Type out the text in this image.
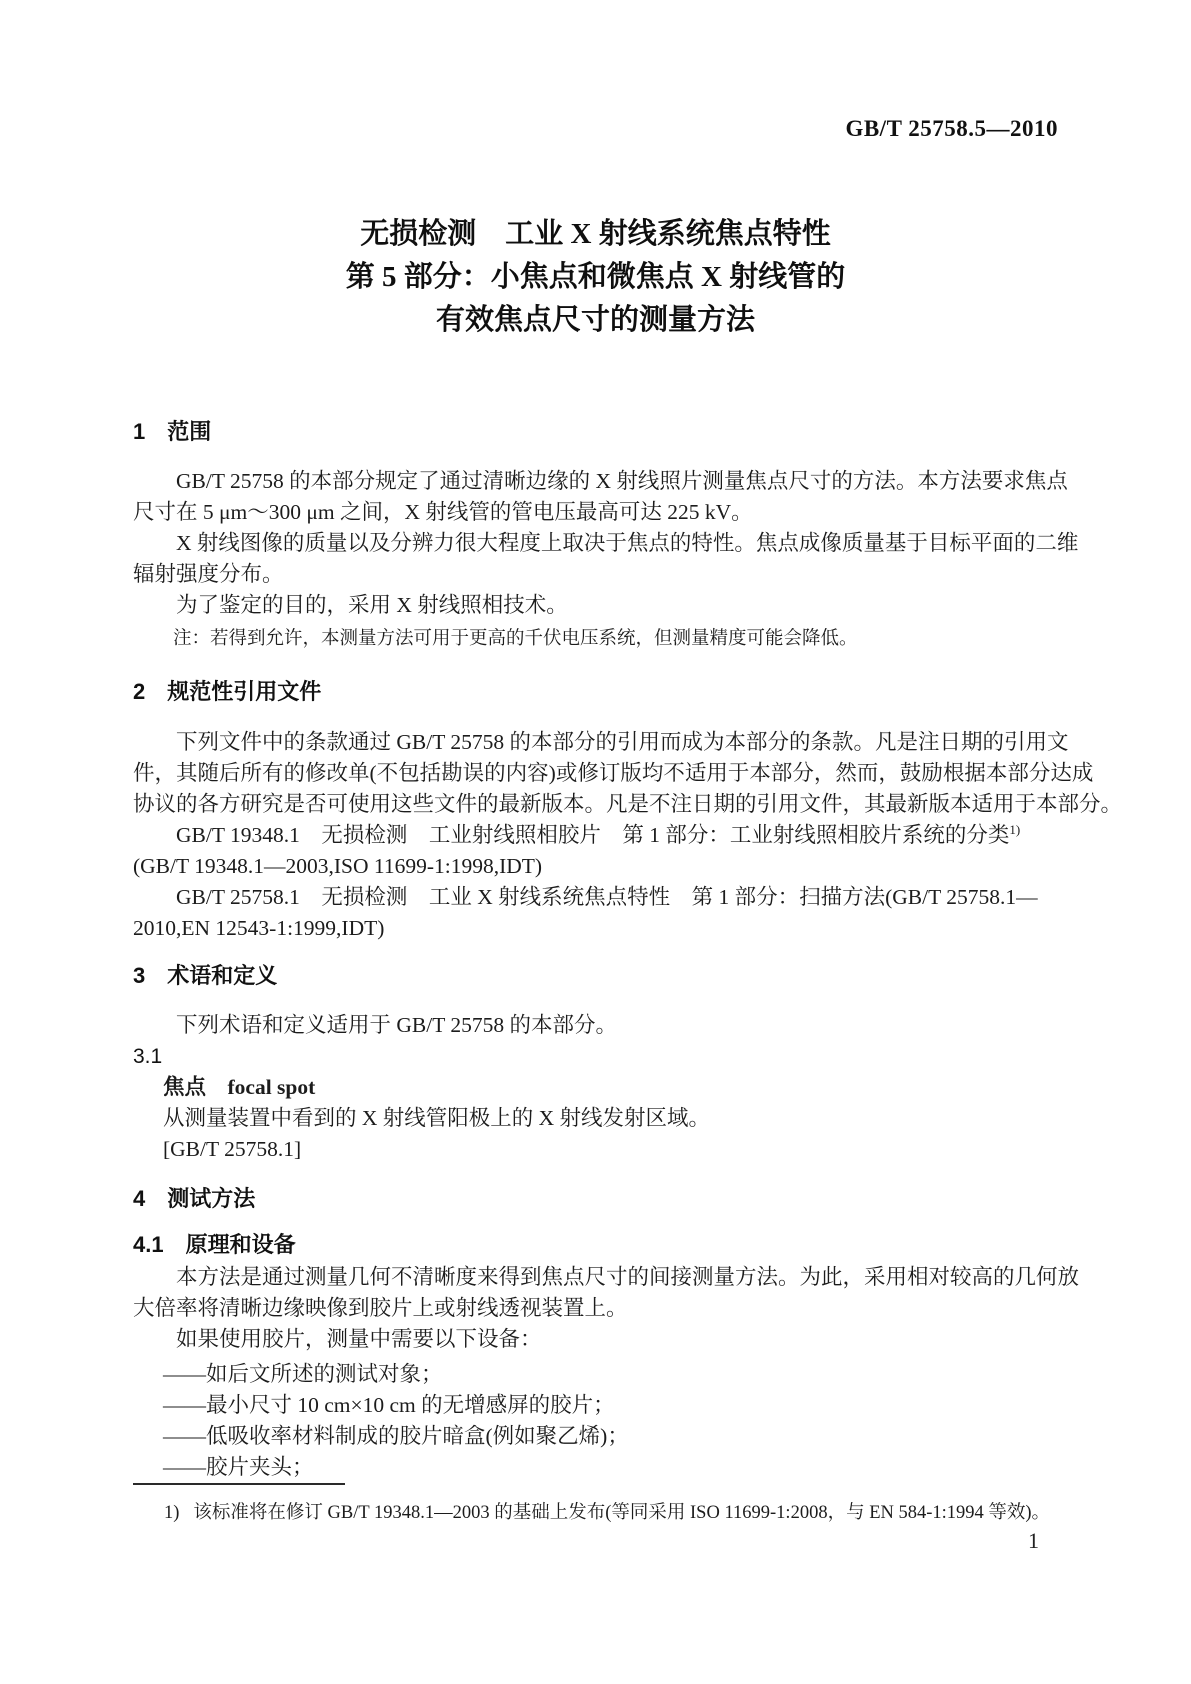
GB/T 25758.5—2010
无损检测　工业 X 射线系统焦点特性
第 5 部分：小焦点和微焦点 X 射线管的
有效焦点尺寸的测量方法
1　范围
GB/T 25758 的本部分规定了通过清晰边缘的 X 射线照片测量焦点尺寸的方法。本方法要求焦点
尺寸在 5 μm～300 μm 之间，X 射线管的管电压最高可达 225 kV。
X 射线图像的质量以及分辨力很大程度上取决于焦点的特性。焦点成像质量基于目标平面的二维
辐射强度分布。
为了鉴定的目的，采用 X 射线照相技术。
注：若得到允许，本测量方法可用于更高的千伏电压系统，但测量精度可能会降低。
2　规范性引用文件
下列文件中的条款通过 GB/T 25758 的本部分的引用而成为本部分的条款。凡是注日期的引用文
件，其随后所有的修改单(不包括勘误的内容)或修订版均不适用于本部分，然而，鼓励根据本部分达成
协议的各方研究是否可使用这些文件的最新版本。凡是不注日期的引用文件，其最新版本适用于本部分。
GB/T 19348.1　无损检测　工业射线照相胶片　第 1 部分：工业射线照相胶片系统的分类$^{1)}$
(GB/T 19348.1—2003,ISO 11699-1:1998,IDT)
GB/T 25758.1　无损检测　工业 X 射线系统焦点特性　第 1 部分：扫描方法(GB/T 25758.1—
2010,EN 12543-1:1999,IDT)
3　术语和定义
下列术语和定义适用于 GB/T 25758 的本部分。
3.1
焦点　focal spot
从测量装置中看到的 X 射线管阳极上的 X 射线发射区域。
[GB/T 25758.1]
4　测试方法
4.1　原理和设备
本方法是通过测量几何不清晰度来得到焦点尺寸的间接测量方法。为此，采用相对较高的几何放
大倍率将清晰边缘映像到胶片上或射线透视装置上。
如果使用胶片，测量中需要以下设备：
——如后文所述的测试对象；
——最小尺寸 10 cm×10 cm 的无增感屏的胶片；
——低吸收率材料制成的胶片暗盒(例如聚乙烯)；
——胶片夹头；
1) 该标准将在修订 GB/T 19348.1—2003 的基础上发布(等同采用 ISO 11699-1:2008，与 EN 584-1:1994 等效)。
1
